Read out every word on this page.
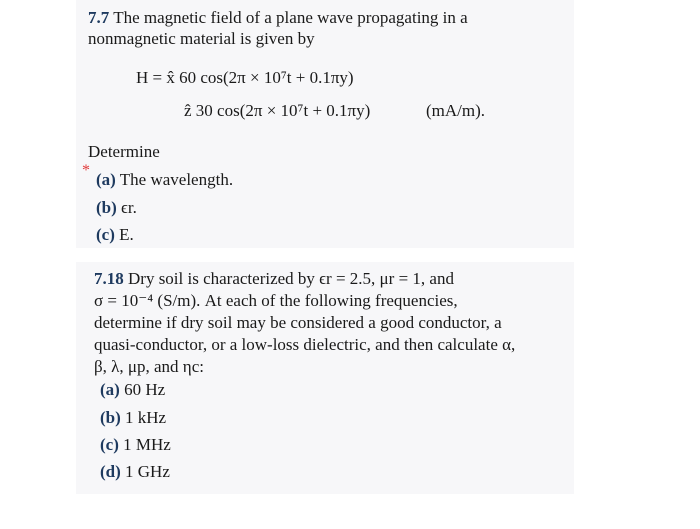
7.7 The magnetic field of a plane wave propagating in a
nonmagnetic material is given by
H = x̂ 60 cos(2π × 10⁷t + 0.1πy)
ẑ 30 cos(2π × 10⁷t + 0.1πy)	(mA/m).
Determine
* (a) The wavelength.
(b) ϵr.
(c) E.
7.18 Dry soil is characterized by ϵr = 2.5, μr = 1, and
σ = 10⁻⁴ (S/m). At each of the following frequencies,
determine if dry soil may be considered a good conductor, a
quasi-conductor, or a low-loss dielectric, and then calculate α,
β, λ, μp, and ηc:
(a) 60 Hz
(b) 1 kHz
(c) 1 MHz
(d) 1 GHz
